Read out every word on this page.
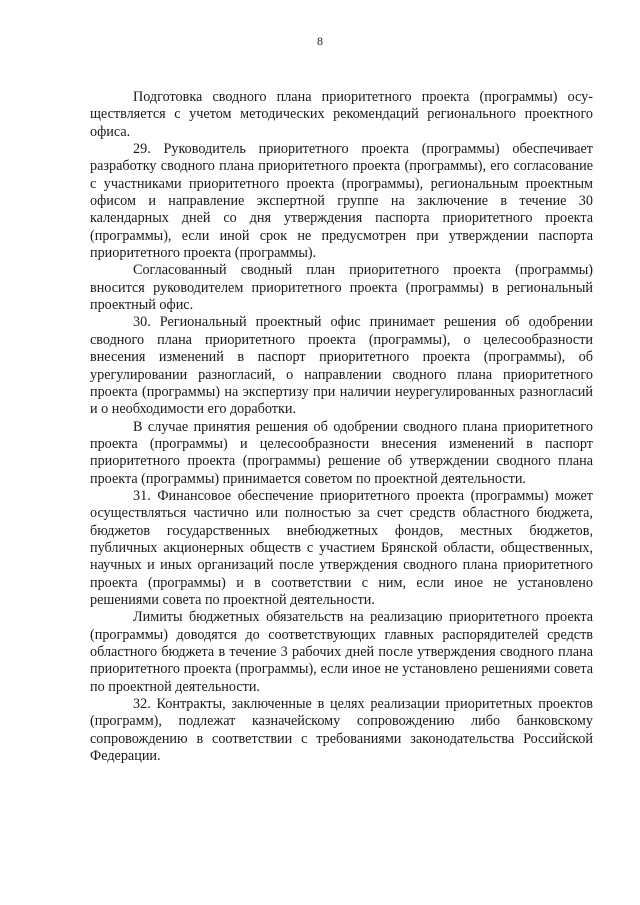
8

Подготовка сводного плана приоритетного проекта (программы) осуществляется с учетом методических рекомендаций регионального проектного офиса.

29. Руководитель приоритетного проекта (программы) обеспечивает разработку сводного плана приоритетного проекта (программы), его согласование с участниками приоритетного проекта (программы), региональным проектным офисом и направление экспертной группе на заключение в течение 30 календарных дней со дня утверждения паспорта приоритетного проекта (программы), если иной срок не предусмотрен при утверждении паспорта приоритетного проекта (программы).

Согласованный сводный план приоритетного проекта (программы) вносится руководителем приоритетного проекта (программы) в региональный проектный офис.

30. Региональный проектный офис принимает решения об одобрении сводного плана приоритетного проекта (программы), о целесообразности внесения изменений в паспорт приоритетного проекта (программы), об урегулировании разногласий, о направлении сводного плана приоритетного проекта (программы) на экспертизу при наличии неурегулированных разногласий и о необходимости его доработки.

В случае принятия решения об одобрении сводного плана приоритетного проекта (программы) и целесообразности внесения изменений в паспорт приоритетного проекта (программы) решение об утверждении сводного плана проекта (программы) принимается советом по проектной деятельности.

31. Финансовое обеспечение приоритетного проекта (программы) может осуществляться частично или полностью за счет средств областного бюджета, бюджетов государственных внебюджетных фондов, местных бюджетов, публичных акционерных обществ с участием Брянской области, общественных, научных и иных организаций после утверждения сводного плана приоритетного проекта (программы) и в соответствии с ним, если иное не установлено решениями совета по проектной деятельности.

Лимиты бюджетных обязательств на реализацию приоритетного проекта (программы) доводятся до соответствующих главных распорядителей средств областного бюджета в течение 3 рабочих дней после утверждения сводного плана приоритетного проекта (программы), если иное не установлено решениями совета по проектной деятельности.

32. Контракты, заключенные в целях реализации приоритетных проектов (программ), подлежат казначейскому сопровождению либо банковскому сопровождению в соответствии с требованиями законодательства Российской Федерации.
